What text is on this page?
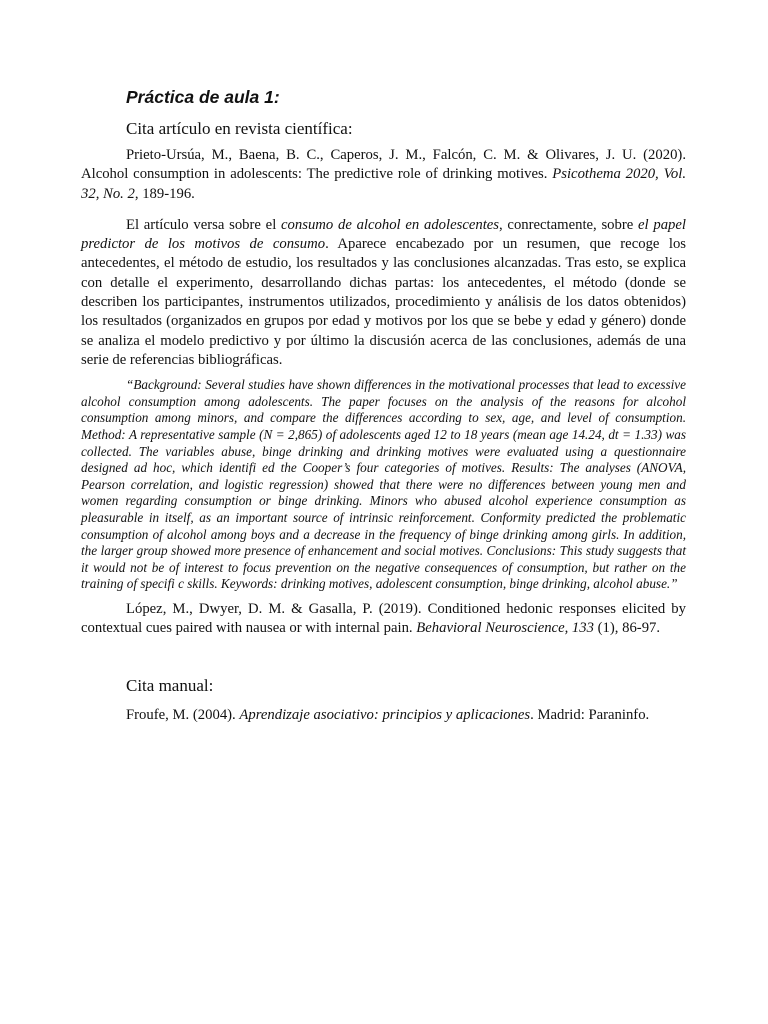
Práctica de aula 1:
Cita artículo en revista científica:

Prieto-Ursúa, M., Baena, B. C., Caperos, J. M., Falcón, C. M. & Olivares, J. U. (2020). Alcohol consumption in adolescents: The predictive role of drinking motives. Psicothema 2020, Vol. 32, No. 2, 189-196.

El artículo versa sobre el consumo de alcohol en adolescentes, conrectamente, sobre el papel predictor de los motivos de consumo. Aparece encabezado por un resumen, que recoge los antecedentes, el método de estudio, los resultados y las conclusiones alcanzadas. Tras esto, se explica con detalle el experimento, desarrollando dichas partas: los antecedentes, el método (donde se describen los participantes, instrumentos utilizados, procedimiento y análisis de los datos obtenidos) los resultados (organizados en grupos por edad y motivos por los que se bebe y edad y género) donde se analiza el modelo predictivo y por último la discusión acerca de las conclusiones, además de una serie de referencias bibliográficas.

“Background: Several studies have shown differences in the motivational processes that lead to excessive alcohol consumption among adolescents. The paper focuses on the analysis of the reasons for alcohol consumption among minors, and compare the differences according to sex, age, and level of consumption. Method: A representative sample (N = 2,865) of adolescents aged 12 to 18 years (mean age 14.24, dt = 1.33) was collected. The variables abuse, binge drinking and drinking motives were evaluated using a questionnaire designed ad hoc, which identifi ed the Cooper’s four categories of motives. Results: The analyses (ANOVA, Pearson correlation, and logistic regression) showed that there were no differences between young men and women regarding consumption or binge drinking. Minors who abused alcohol experience consumption as pleasurable in itself, as an important source of intrinsic reinforcement. Conformity predicted the problematic consumption of alcohol among boys and a decrease in the frequency of binge drinking among girls. In addition, the larger group showed more presence of enhancement and social motives. Conclusions: This study suggests that it would not be of interest to focus prevention on the negative consequences of consumption, but rather on the training of specifi c skills. Keywords: drinking motives, adolescent consumption, binge drinking, alcohol abuse.”

López, M., Dwyer, D. M. & Gasalla, P. (2019). Conditioned hedonic responses elicited by contextual cues paired with nausea or with internal pain. Behavioral Neuroscience, 133 (1), 86-97.

Cita manual:

Froufe, M. (2004). Aprendizaje asociativo: principios y aplicaciones. Madrid: Paraninfo.
